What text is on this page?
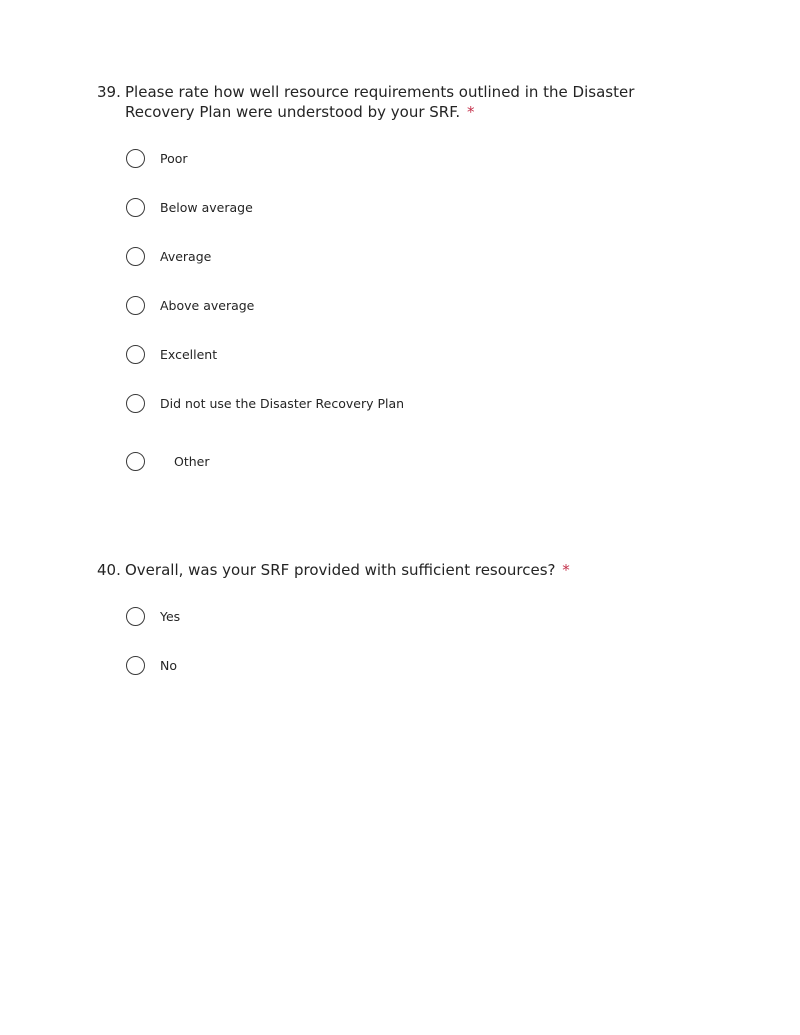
39. Please rate how well resource requirements outlined in the Disaster Recovery Plan were understood by your SRF. *
Poor
Below average
Average
Above average
Excellent
Did not use the Disaster Recovery Plan
Other
40. Overall, was your SRF provided with sufficient resources? *
Yes
No
